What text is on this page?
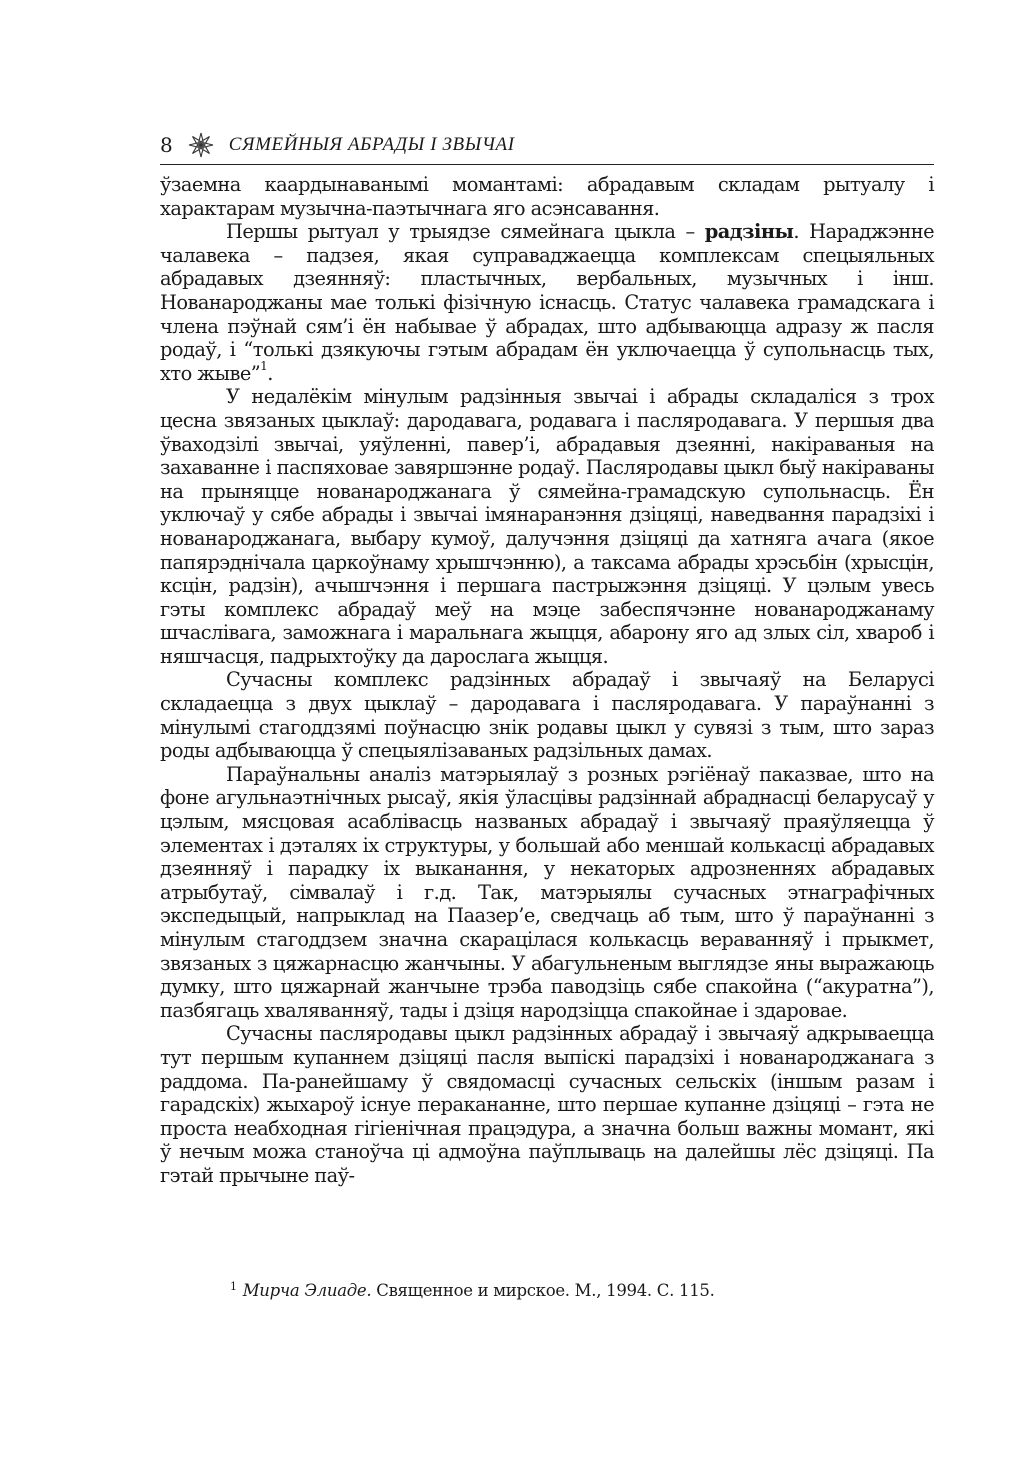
8	СЯМЕЙНЫЯ АБРАДЫ І ЗВЫЧАІ

ўзаемна каардынаванымі момантамі: абрадавым складам рытуалу і характарам музычна-паэтычнага яго асэнсавання.

Першы рытуал у трыядзе сямейнага цыкла – радзіны. Нараджэнне чалавека – падзея, якая суправаджаецца комплексам спецыяльных абрадавых дзеянняў: пластычных, вербальных, музычных і інш. Нованароджаны мае толькі фізічную існасць. Статус чалавека грамадскага і члена пэўнай сям’і ён набывае ў абрадах, што адбываюцца адразу ж пасля родаў, і “толькі дзякуючы гэтым абрадам ён уключаецца ў супольнасць тых, хто жыве”$^1$.

У недалёкім мінулым радзінныя звычаі і абрады складаліся з трох цесна звязаных цыклаў: дародавага, родавага і пасляродавага. У першыя два ўваходзілі звычаі, уяўленні, павер’і, абрадавыя дзеянні, накіраваныя на захаванне і паспяховае завяршэнне родаў. Пасляродавы цыкл быў накіраваны на прыняцце нованароджанага ў сямейна-грамадскую супольнасць. Ён уключаў у сябе абрады і звычаі імянаранэння дзіцяці, наведвання парадзіхі і нованароджанага, выбару кумоў, далучэння дзіцяці да хатняга ачага (якое папярэднічала царкоўнаму хрышчэнню), а таксама абрады хрэсьбін (хрысцін, ксцін, радзін), ачышчэння і першага пастрыжэння дзіцяці. У цэлым увесь гэты комплекс абрадаў меў на мэце забеспячэнне нованароджанаму шчаслівага, заможнага і маральнага жыцця, абарону яго ад злых сіл, хвароб і няшчасця, падрыхтоўку да дарослага жыцця.

Сучасны комплекс радзінных абрадаў і звычаяў на Беларусі складаецца з двух цыклаў – дародавага і пасляродавага. У параўнанні з мінулымі стагоддзямі поўнасцю знік родавы цыкл у сувязі з тым, што зараз роды адбываюцца ў спецыялізаваных радзільных дамах.

Параўнальны аналіз матэрыялаў з розных рэгіёнаў паказвае, што на фоне агульнаэтнічных рысаў, якія ўласцівы радзіннай абраднасці беларусаў у цэлым, мясцовая асаблівасць названых абрадаў і звычаяў праяўляецца ў элементах і дэталях іх структуры, у большай або меншай колькасці абрадавых дзеянняў і парадку іх выканання, у некаторых адрозненнях абрадавых атрыбутаў, сімвалаў і г.д. Так, матэрыялы сучасных этнаграфічных экспедыцый, напрыклад на Паазер’е, сведчаць аб тым, што ў параўнанні з мінулым стагоддзем значна скарацілася колькасць вераванняў і прыкмет, звязаных з цяжарнасцю жанчыны. У абагульненым выглядзе яны выражаюць думку, што цяжарнай жанчыне трэба паводзіць сябе спакойна (“акуратна”), пазбягаць хваляванняў, тады і дзіця народзіцца спакойнае і здаровае.

Сучасны пасляродавы цыкл радзінных абрадаў і звычаяў адкрываецца тут першым купаннем дзіцяці пасля выпіскі парадзіхі і нованароджанага з раддома. Па-ранейшаму ў свядомасці сучасных сельскіх (іншым разам і гарадскіх) жыхароў існуе перакананне, што першае купанне дзіцяці – гэта не проста неабходная гігіенічная працэдура, а значна больш важны момант, які ў нечым можа станоўча ці адмоўна паўплываць на далейшы лёс дзіцяці. Па гэтай прычыне паў-

$^1$ Мирча Элиаде. Священное и мирское. М., 1994. С. 115.
